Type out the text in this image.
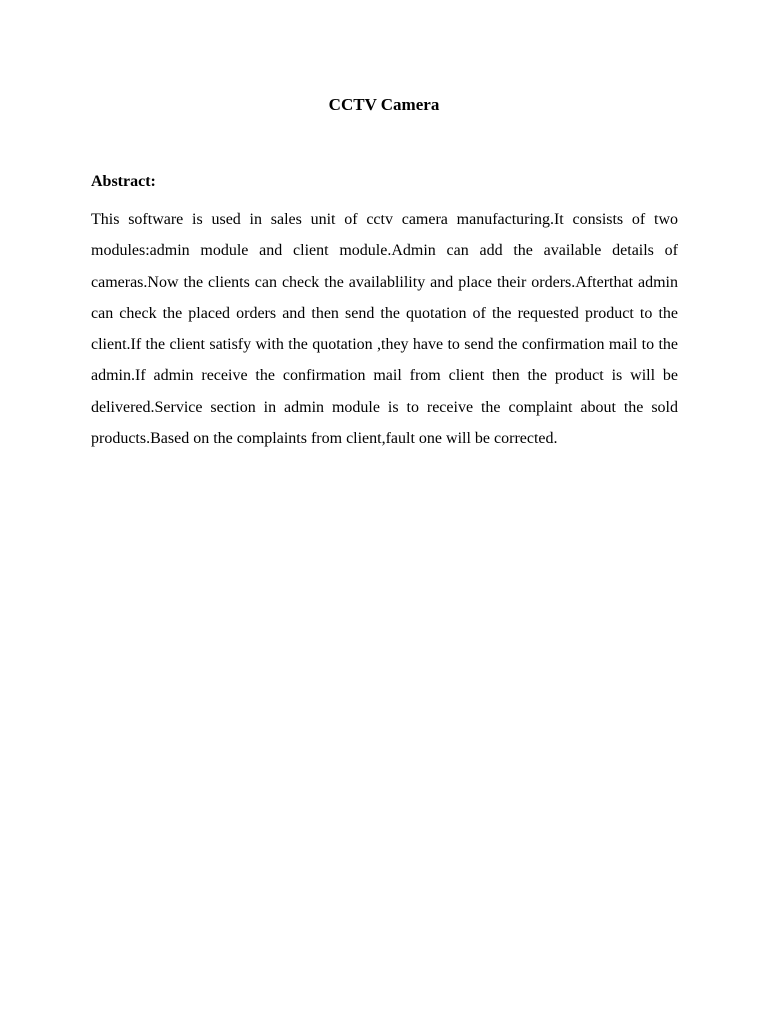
CCTV Camera
Abstract:

This software is used in sales unit of cctv camera manufacturing.It consists of two modules:admin module and client module.Admin can add the available details of cameras.Now the clients can check the availablility and place their orders.Afterthat admin can check the placed orders and then send the quotation of the requested product to the client.If the client satisfy with the quotation ,they have to send the confirmation mail to the admin.If admin receive the confirmation mail from client then the product is will be delivered.Service section in admin module is to receive the complaint about the sold products.Based on the complaints from client,fault one will be corrected.
